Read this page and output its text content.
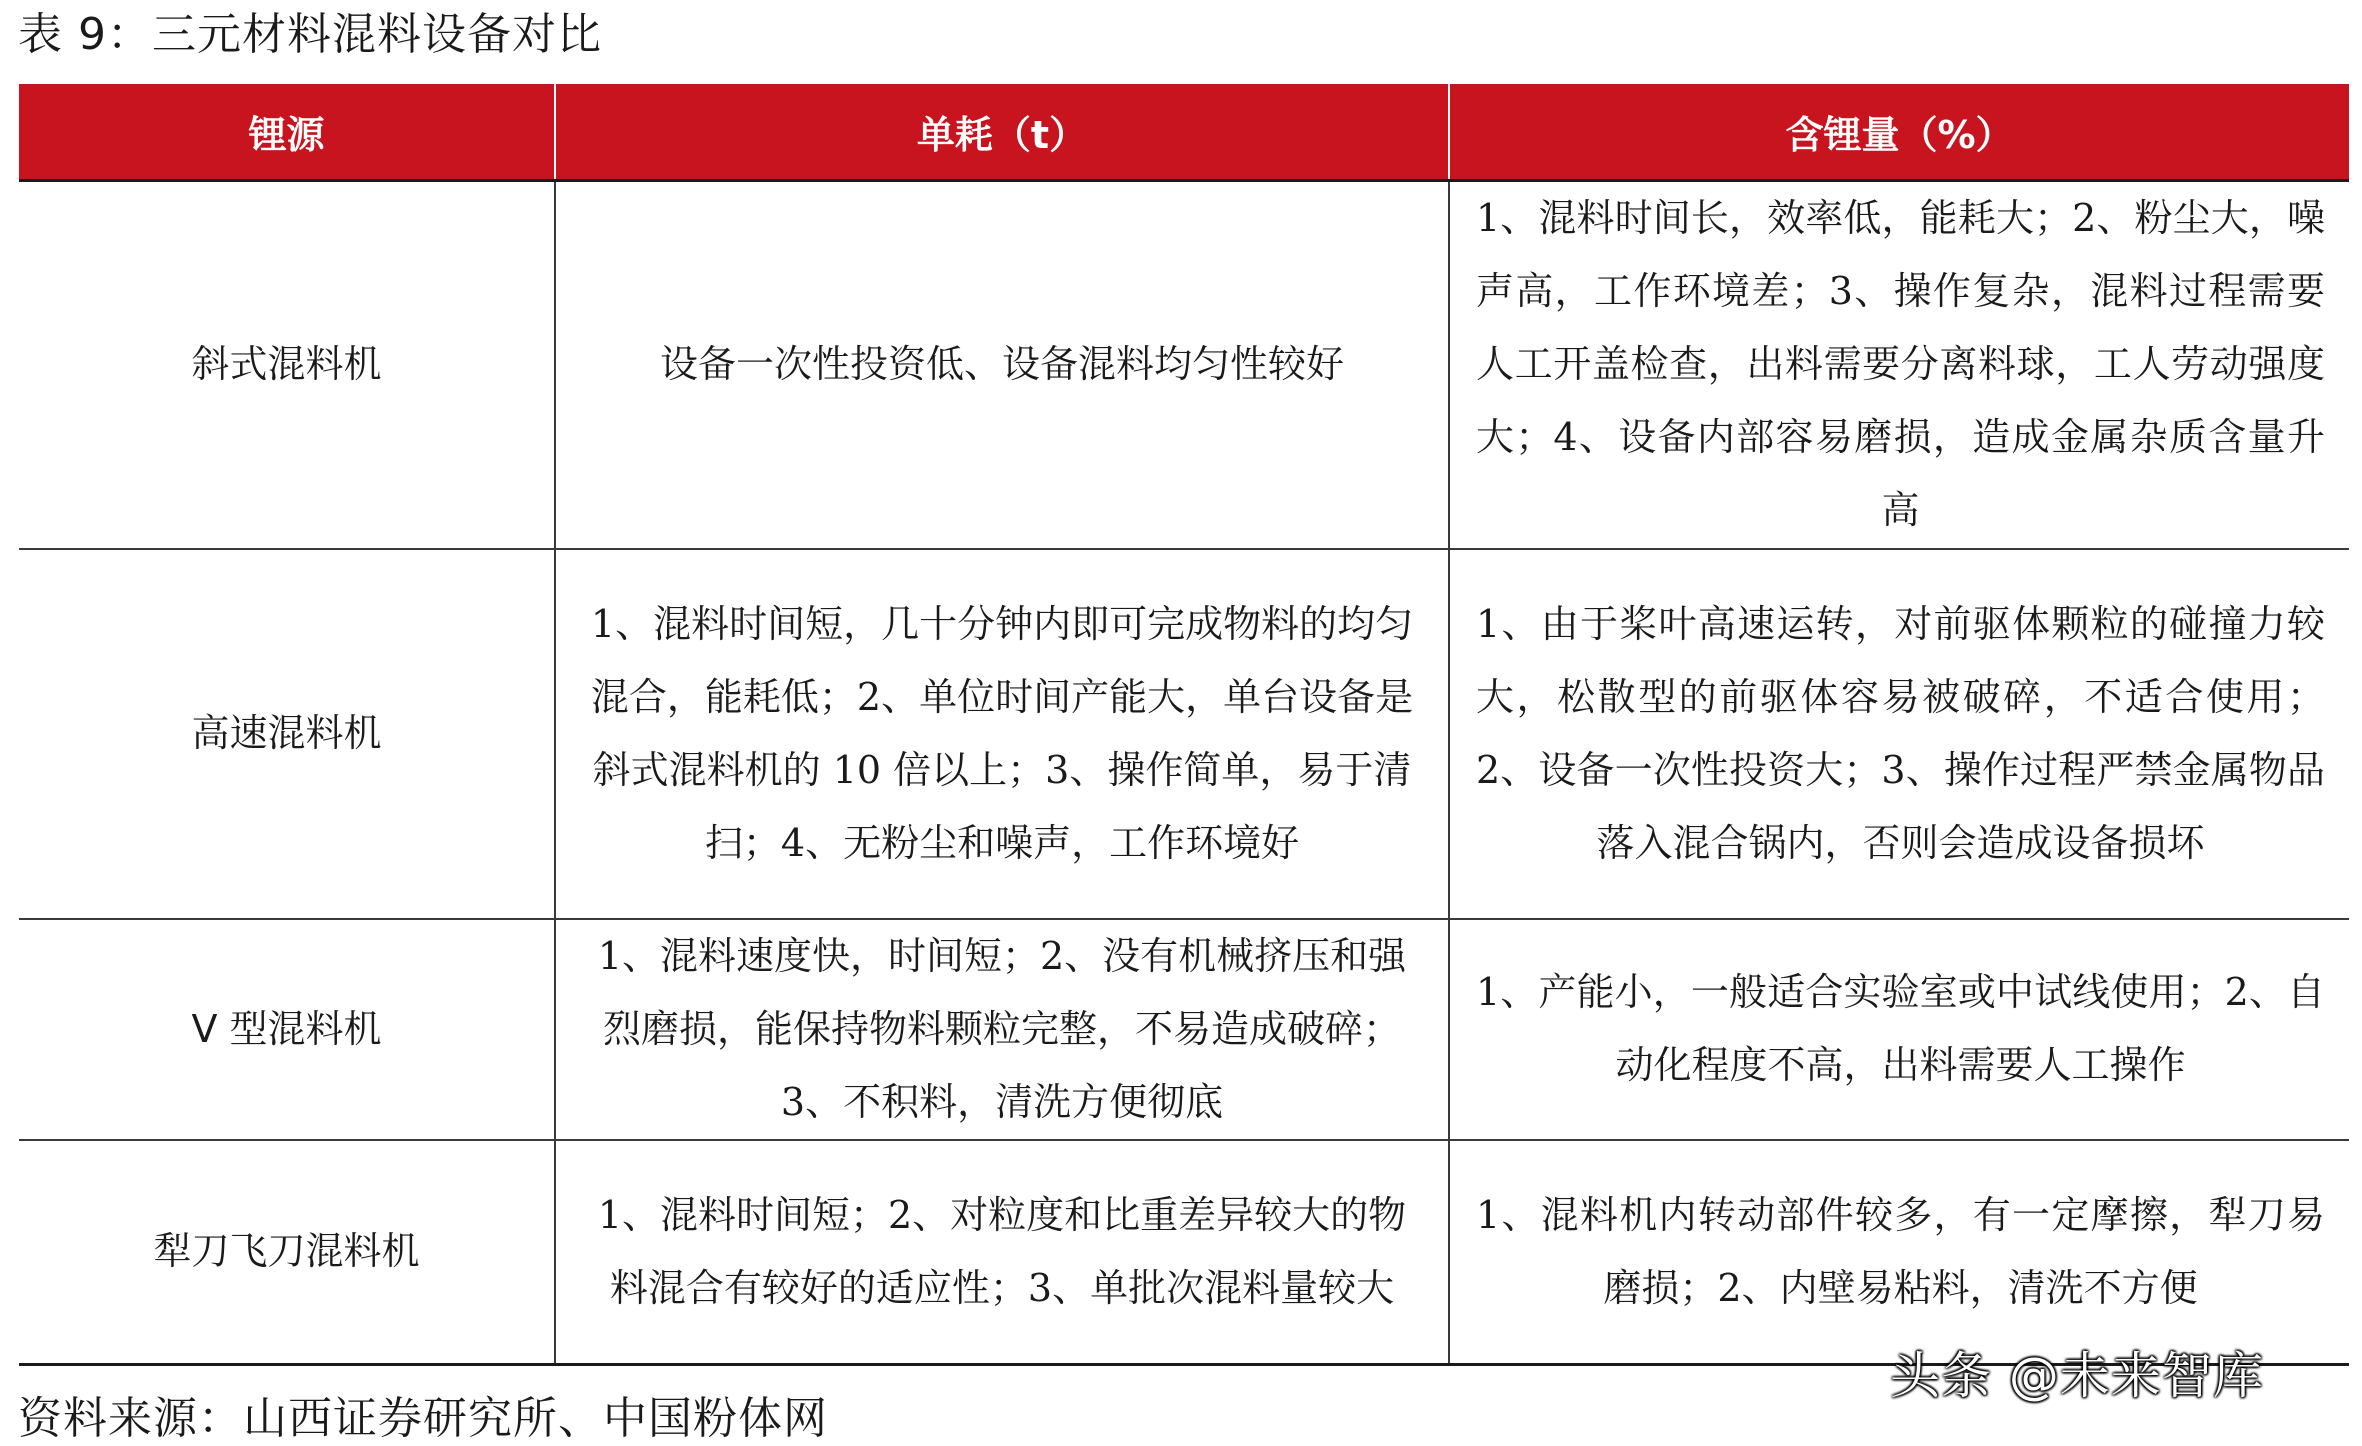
表 9：三元材料混料设备对比
锂源	单耗（t）	含锂量（%）
斜式混料机	设备一次性投资低、设备混料均匀性较好	1、混料时间长，效率低，能耗大；2、粉尘大，噪声高，工作环境差；3、操作复杂，混料过程需要人工开盖检查，出料需要分离料球，工人劳动强度大；4、设备内部容易磨损，造成金属杂质含量升高
高速混料机	1、混料时间短，几十分钟内即可完成物料的均匀混合，能耗低；2、单位时间产能大，单台设备是斜式混料机的 10 倍以上；3、操作简单，易于清扫；4、无粉尘和噪声，工作环境好	1、由于桨叶高速运转，对前驱体颗粒的碰撞力较大，松散型的前驱体容易被破碎，不适合使用；2、设备一次性投资大；3、操作过程严禁金属物品落入混合锅内，否则会造成设备损坏
V 型混料机	1、混料速度快，时间短；2、没有机械挤压和强烈磨损，能保持物料颗粒完整，不易造成破碎；3、不积料，清洗方便彻底	1、产能小，一般适合实验室或中试线使用；2、自动化程度不高，出料需要人工操作
犁刀飞刀混料机	1、混料时间短；2、对粒度和比重差异较大的物料混合有较好的适应性；3、单批次混料量较大	1、混料机内转动部件较多，有一定摩擦，犁刀易磨损；2、内壁易粘料，清洗不方便
资料来源：山西证券研究所、中国粉体网
头条 @未来智库
